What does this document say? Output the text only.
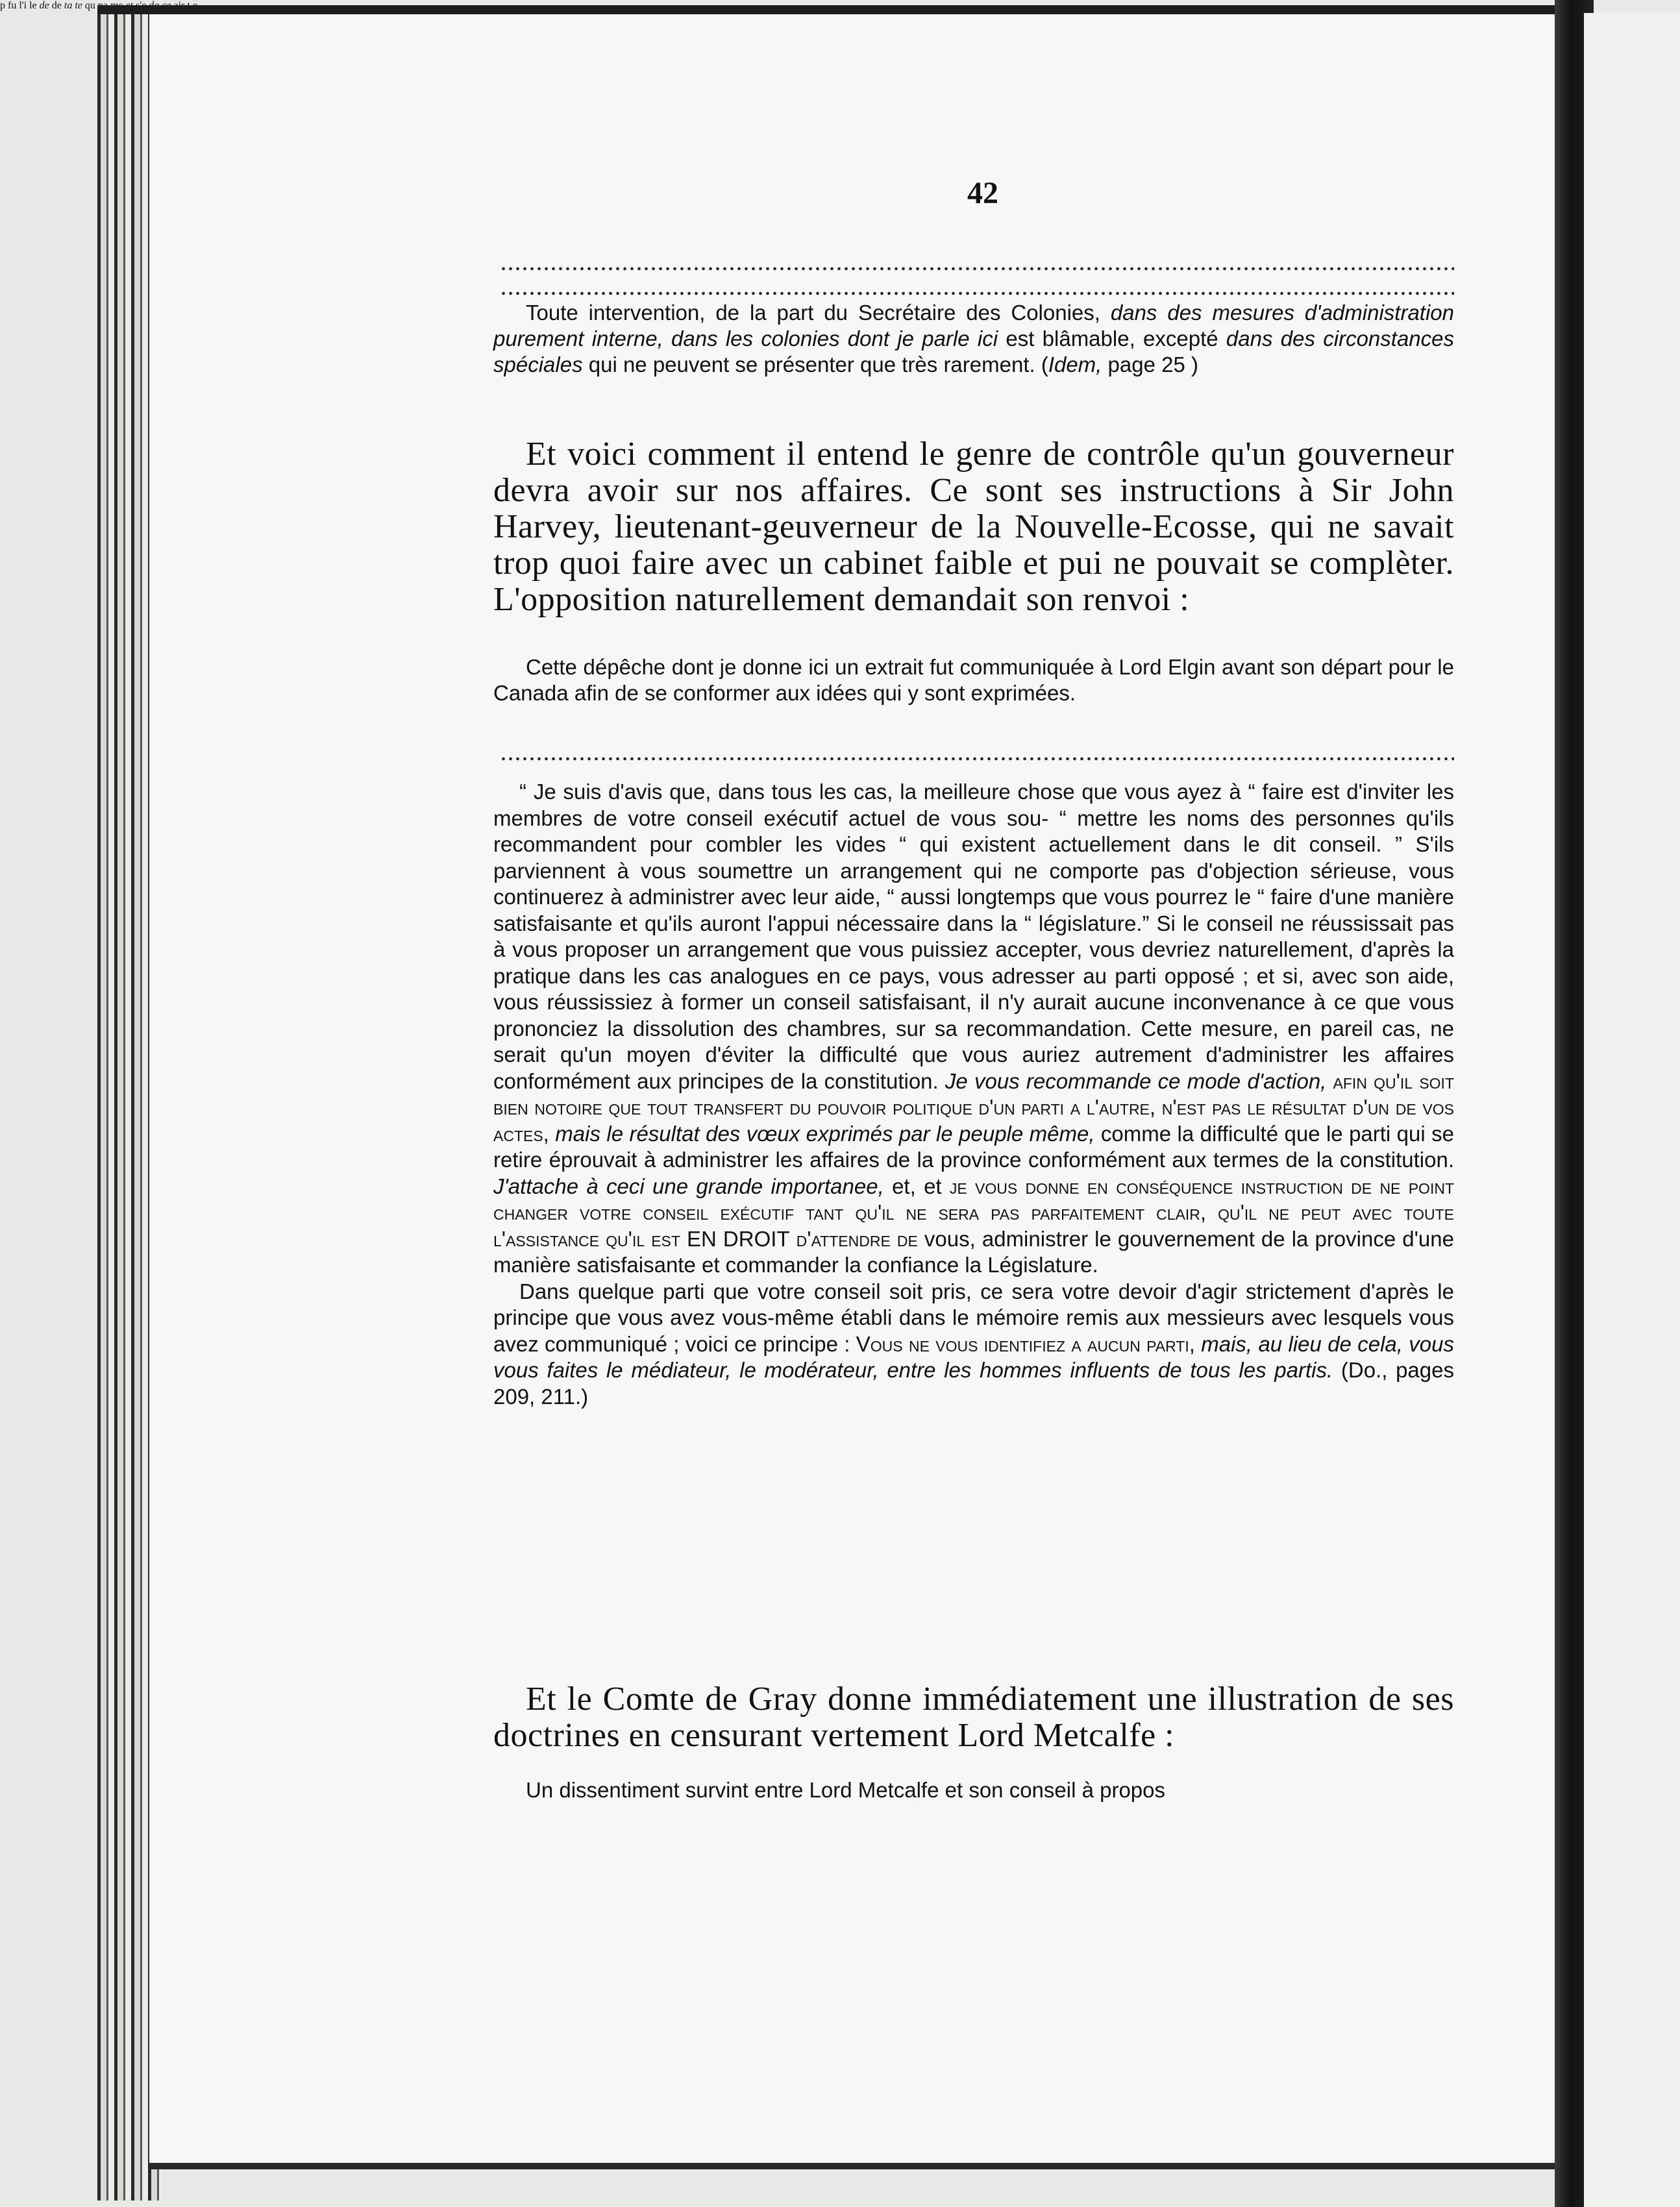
p fu l'i le de de ta te qu
42
Toute intervention, de la part du Secrétaire des Colonies, dans des mesures d'administration purement interne, dans les colonies dont je parle ici est blâmable, excepté dans des circonstances spéciales qui ne peuvent se présenter que très rarement. (Idem, page 25 )

Et voici comment il entend le genre de contrôle qu'un gouverneur devra avoir sur nos affaires. Ce sont ses instructions à Sir John Harvey, lieutenant-geuverneur de la Nouvelle-Ecosse, qui ne savait trop quoi faire avec un cabinet faible et pui ne pouvait se complèter. L'opposition naturellement demandait son renvoi :

Cette dépêche dont je donne ici un extrait fut communiquée à Lord Elgin avant son départ pour le Canada afin de se conformer aux idées qui y sont exprimées.

“ Je suis d'avis que, dans tous les cas, la meilleure chose que vous ayez à “ faire est d'inviter les membres de votre conseil exécutif actuel de vous sou- “ mettre les noms des personnes qu'ils recommandent pour combler les vides “ qui existent actuellement dans le dit conseil. ” S'ils parviennent à vous soumettre un arrangement qui ne comporte pas d'objection sérieuse, vous continuerez à administrer avec leur aide, “ aussi longtemps que vous pourrez le “ faire d'une manière satisfaisante et qu'ils auront l'appui nécessaire dans la “ législature.” Si le conseil ne réussissait pas à vous proposer un arrangement que vous puissiez accepter, vous devriez naturellement, d'après la pratique dans les cas analogues en ce pays, vous adresser au parti opposé ; et si, avec son aide, vous réussissiez à former un conseil satisfaisant, il n'y aurait aucune inconvenance à ce que vous prononciez la dissolution des chambres, sur sa recommandation. Cette mesure, en pareil cas, ne serait qu'un moyen d'éviter la difficulté que vous auriez autrement d'administrer les affaires conformément aux principes de la constitution. Je vous recommande ce mode d'action, afin qu'il soit bien notoire que tout transfert du pouvoir politique d'un parti a l'autre, n'est pas le résultat d'un de vos actes, mais le résultat des vœux exprimés par le peuple même, comme la difficulté que le parti qui se retire éprouvait à administrer les affaires de la province conformément aux termes de la constitution. J'attache à ceci une grande importanee, et, et je vous donne en conséquence instruction de ne point changer votre conseil exécutif tant qu'il ne sera pas parfaitement clair, qu'il ne peut avec toute l'assistance qu'il est EN DROIT d'attendre de vous, administrer le gouvernement de la province d'une manière satisfaisante et commander la confiance la Législature.

Dans quelque parti que votre conseil soit pris, ce sera votre devoir d'agir strictement d'après le principe que vous avez vous-même établi dans le mémoire remis aux messieurs avec lesquels vous avez communiqué ; voici ce principe : Vous ne vous identifiez a aucun parti, mais, au lieu de cela, vous vous faites le médiateur, le modérateur, entre les hommes influents de tous les partis. (Do., pages 209, 211.)

Et le Comte de Gray donne immédiatement une illustration de ses doctrines en censurant vertement Lord Metcalfe :

Un dissentiment survint entre Lord Metcalfe et son conseil à propos
